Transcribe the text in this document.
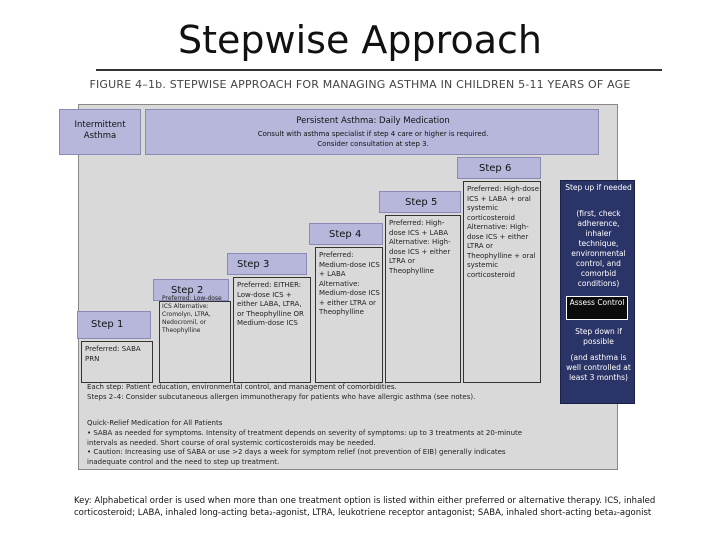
Stepwise Approach
FIGURE 4–1b. STEPWISE APPROACH FOR MANAGING ASTHMA IN CHILDREN 5-11 YEARS OF AGE
Intermittent Asthma
Persistent Asthma: Daily Medication
Consult with asthma specialist if step 4 care or higher is required.
Consider consultation at step 3.
Step 6
Preferred: High-dose ICS + LABA + oral systemic corticosteroid Alternative: High-dose ICS + either LTRA or Theophylline + oral systemic corticosteroid
Step 5
Preferred: High-dose ICS + LABA Alternative: High-dose ICS + either LTRA or Theophylline
Step 4
Preferred: Medium-dose ICS + LABA Alternative: Medium-dose ICS + either LTRA or Theophylline
Step 3
Preferred: EITHER: Low-dose ICS + either LABA, LTRA, or Theophylline OR Medium-dose ICS
Step 2
Preferred: Low-dose ICS Alternative: Cromolyn, LTRA, Nedocromil, or Theophylline
Step 1
Preferred: SABA PRN
Each step: Patient education, environmental control, and management of comorbidities.
Steps 2–4: Consider subcutaneous allergen immunotherapy for patients who have allergic asthma (see notes).
Quick-Relief Medication for All Patients
• SABA as needed for symptoms. Intensity of treatment depends on severity of symptoms: up to 3 treatments at 20-minute intervals as needed. Short course of oral systemic corticosteroids may be needed.
• Caution: Increasing use of SABA or use >2 days a week for symptom relief (not prevention of EIB) generally indicates inadequate control and the need to step up treatment.
Step up if needed
(first, check adherence, inhaler technique, environmental control, and comorbid conditions)
Step down if possible
(and asthma is well controlled at least 3 months)
Assess Control
Key: Alphabetical order is used when more than one treatment option is listed within either preferred or alternative therapy. ICS, inhaled corticosteroid; LABA, inhaled long-acting beta₂-agonist, LTRA, leukotriene receptor antagonist; SABA, inhaled short-acting beta₂-agonist
